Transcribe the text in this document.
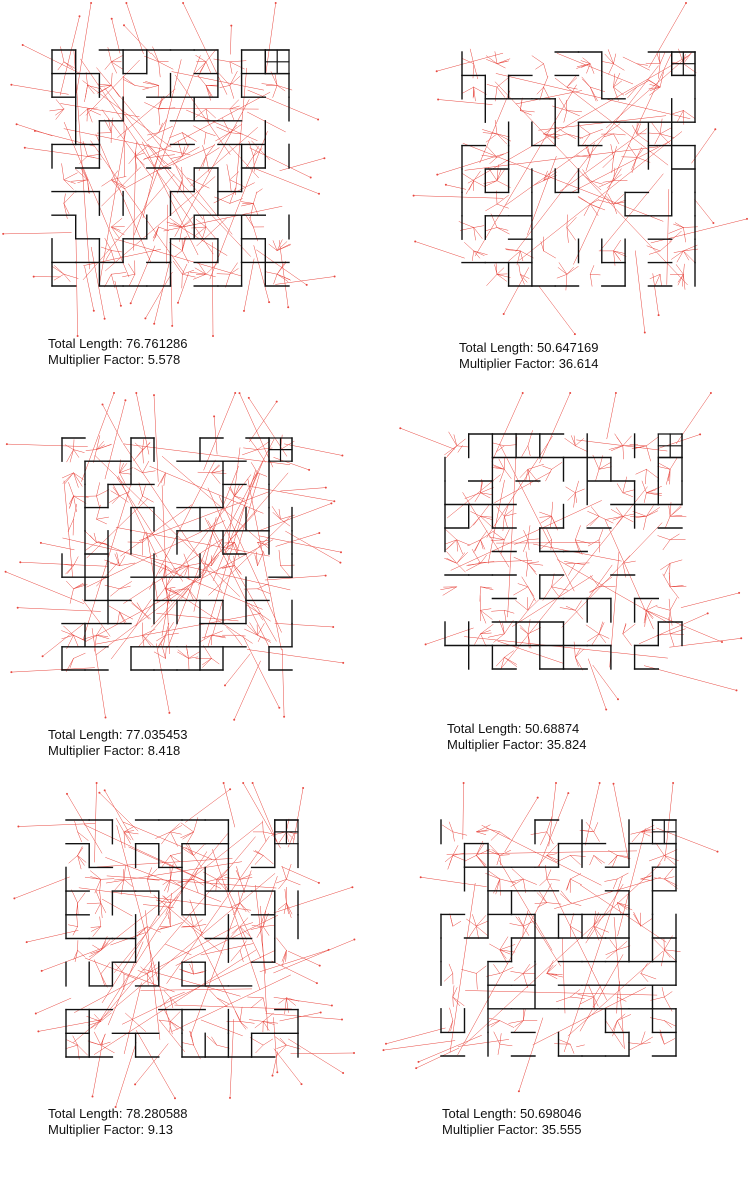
Total Length: 76.761286
Multiplier Factor: 5.578
Total Length: 50.647169
Multiplier Factor: 36.614
Total Length: 77.035453
Multiplier Factor: 8.418
Total Length: 50.68874
Multiplier Factor: 35.824
Total Length: 78.280588
Multiplier Factor: 9.13
Total Length: 50.698046
Multiplier Factor: 35.555
